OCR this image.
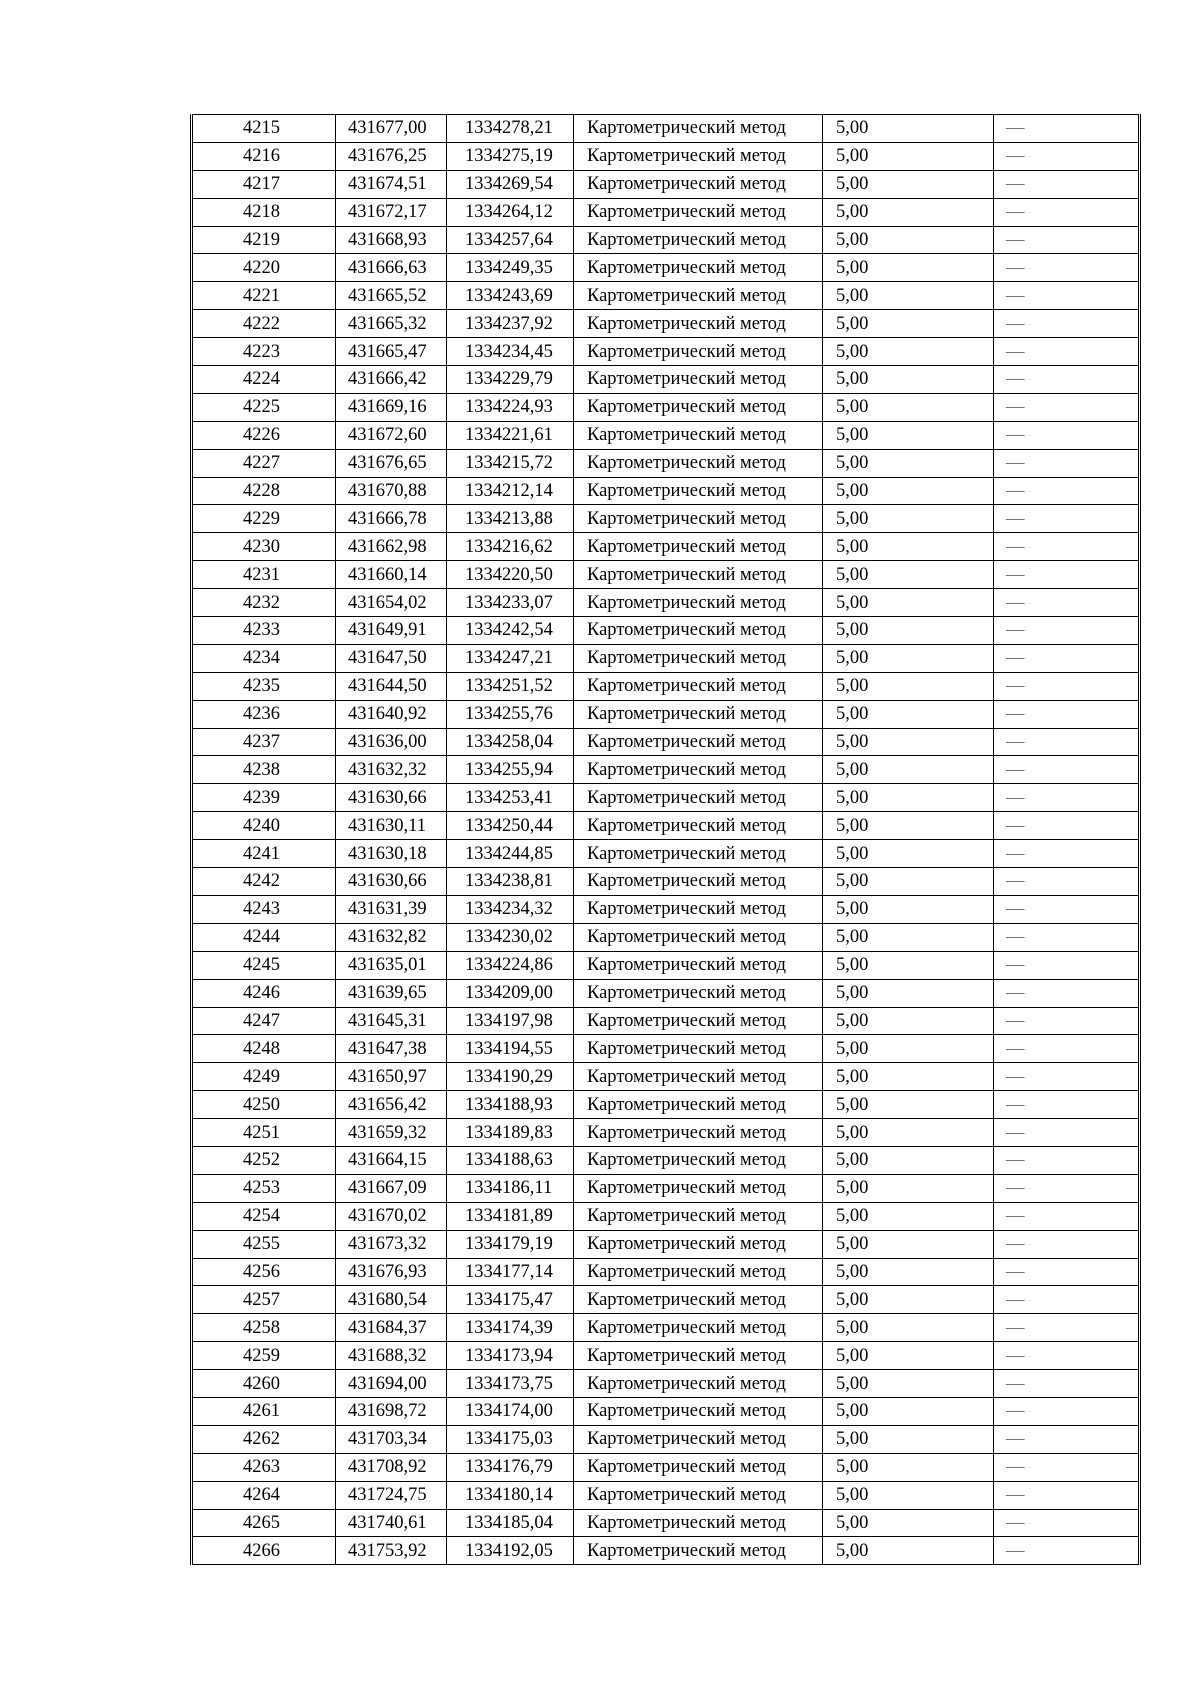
4215	431677,00	1334278,21	Картометрический метод	5,00	—
4216	431676,25	1334275,19	Картометрический метод	5,00	—
4217	431674,51	1334269,54	Картометрический метод	5,00	—
4218	431672,17	1334264,12	Картометрический метод	5,00	—
4219	431668,93	1334257,64	Картометрический метод	5,00	—
4220	431666,63	1334249,35	Картометрический метод	5,00	—
4221	431665,52	1334243,69	Картометрический метод	5,00	—
4222	431665,32	1334237,92	Картометрический метод	5,00	—
4223	431665,47	1334234,45	Картометрический метод	5,00	—
4224	431666,42	1334229,79	Картометрический метод	5,00	—
4225	431669,16	1334224,93	Картометрический метод	5,00	—
4226	431672,60	1334221,61	Картометрический метод	5,00	—
4227	431676,65	1334215,72	Картометрический метод	5,00	—
4228	431670,88	1334212,14	Картометрический метод	5,00	—
4229	431666,78	1334213,88	Картометрический метод	5,00	—
4230	431662,98	1334216,62	Картометрический метод	5,00	—
4231	431660,14	1334220,50	Картометрический метод	5,00	—
4232	431654,02	1334233,07	Картометрический метод	5,00	—
4233	431649,91	1334242,54	Картометрический метод	5,00	—
4234	431647,50	1334247,21	Картометрический метод	5,00	—
4235	431644,50	1334251,52	Картометрический метод	5,00	—
4236	431640,92	1334255,76	Картометрический метод	5,00	—
4237	431636,00	1334258,04	Картометрический метод	5,00	—
4238	431632,32	1334255,94	Картометрический метод	5,00	—
4239	431630,66	1334253,41	Картометрический метод	5,00	—
4240	431630,11	1334250,44	Картометрический метод	5,00	—
4241	431630,18	1334244,85	Картометрический метод	5,00	—
4242	431630,66	1334238,81	Картометрический метод	5,00	—
4243	431631,39	1334234,32	Картометрический метод	5,00	—
4244	431632,82	1334230,02	Картометрический метод	5,00	—
4245	431635,01	1334224,86	Картометрический метод	5,00	—
4246	431639,65	1334209,00	Картометрический метод	5,00	—
4247	431645,31	1334197,98	Картометрический метод	5,00	—
4248	431647,38	1334194,55	Картометрический метод	5,00	—
4249	431650,97	1334190,29	Картометрический метод	5,00	—
4250	431656,42	1334188,93	Картометрический метод	5,00	—
4251	431659,32	1334189,83	Картометрический метод	5,00	—
4252	431664,15	1334188,63	Картометрический метод	5,00	—
4253	431667,09	1334186,11	Картометрический метод	5,00	—
4254	431670,02	1334181,89	Картометрический метод	5,00	—
4255	431673,32	1334179,19	Картометрический метод	5,00	—
4256	431676,93	1334177,14	Картометрический метод	5,00	—
4257	431680,54	1334175,47	Картометрический метод	5,00	—
4258	431684,37	1334174,39	Картометрический метод	5,00	—
4259	431688,32	1334173,94	Картометрический метод	5,00	—
4260	431694,00	1334173,75	Картометрический метод	5,00	—
4261	431698,72	1334174,00	Картометрический метод	5,00	—
4262	431703,34	1334175,03	Картометрический метод	5,00	—
4263	431708,92	1334176,79	Картометрический метод	5,00	—
4264	431724,75	1334180,14	Картометрический метод	5,00	—
4265	431740,61	1334185,04	Картометрический метод	5,00	—
4266	431753,92	1334192,05	Картометрический метод	5,00	—
